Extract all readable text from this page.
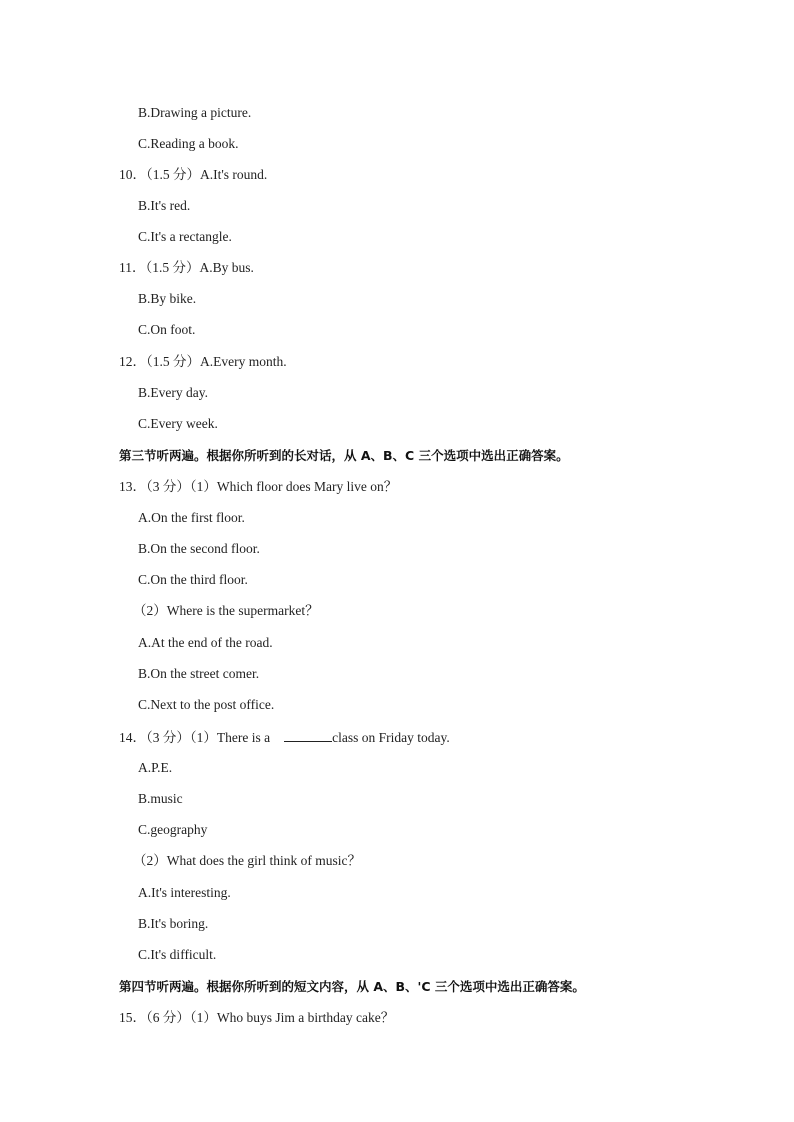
B.Drawing a picture.
C.Reading a book.
10．（1.5 分）A.It's round.
B.It's red.
C.It's a rectangle.
11．（1.5 分）A.By bus.
B.By bike.
C.On foot.
12．（1.5 分）A.Every month.
B.Every day.
C.Every week.
第三节听两遍。根据你所听到的长对话，从 A、B、C 三个选项中选出正确答案。
13．（3 分）（1）Which floor does Mary live on？
A.On the first floor.
B.On the second floor.
C.On the third floor.
（2）Where is the supermarket？
A.At the end of the road.
B.On the street comer.
C.Next to the post office.
14．（3 分）（1）There is a	class on Friday today.
A.P.E.
B.music
C.geography
（2）What does the girl think of music？
A.It's interesting.
B.It's boring.
C.It's difficult.
第四节听两遍。根据你所听到的短文内容，从 A、B、'C 三个选项中选出正确答案。
15．（6 分）（1）Who buys Jim a birthday cake？
